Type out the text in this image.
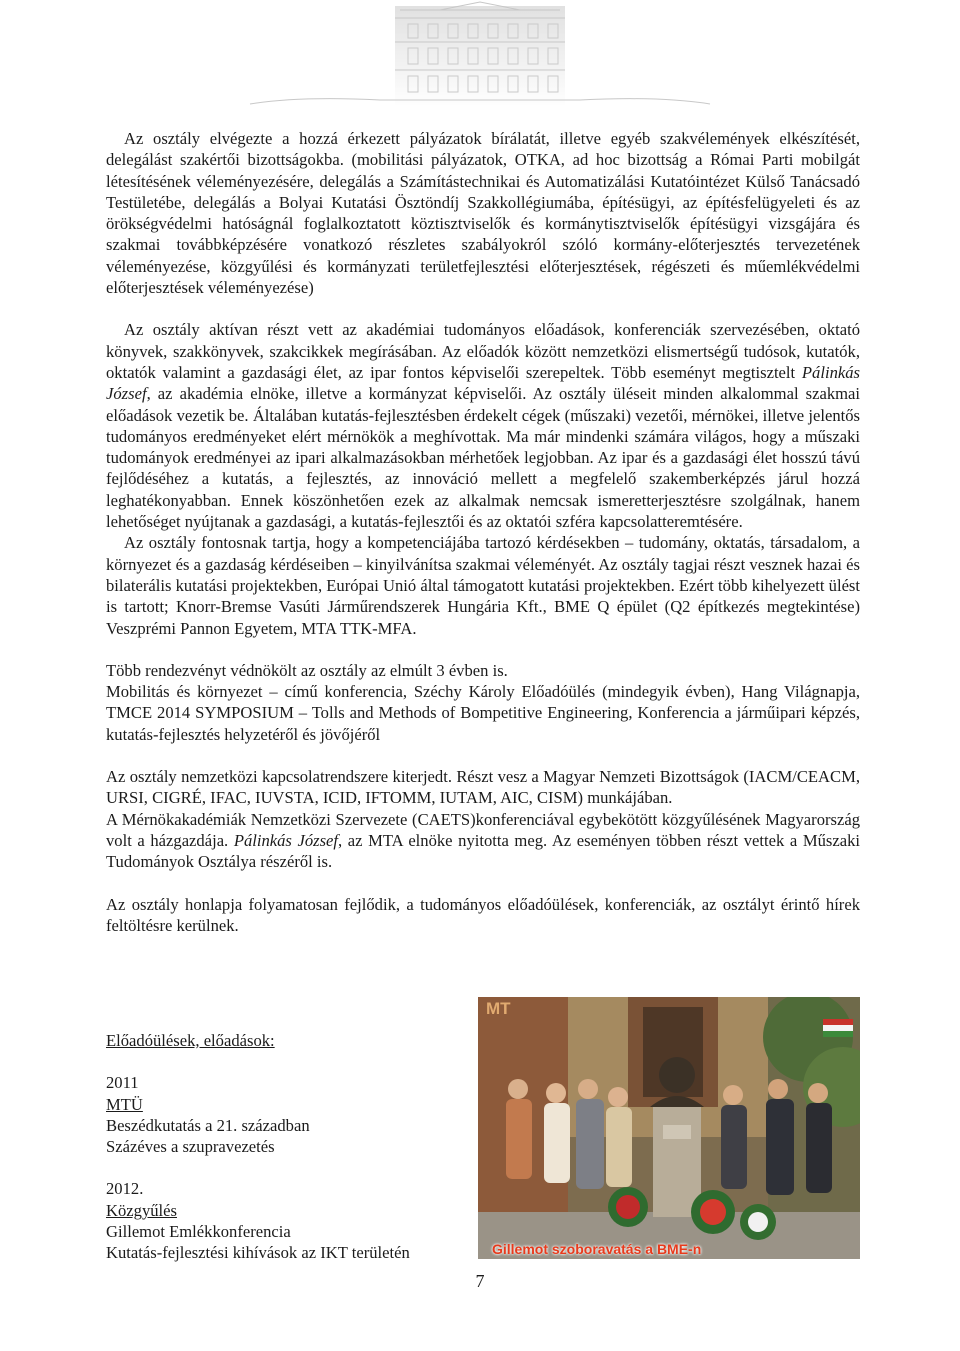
Az osztály elvégezte a hozzá érkezett pályázatok bírálatát, illetve egyéb szakvélemények elkészítését, delegálást szakértői bizottságokba. (mobilitási pályázatok, OTKA, ad hoc bizottság a Római Parti mobilgát létesítésének véleményezésére, delegálás a Számítástechnikai és Automatizálási Kutatóintézet Külső Tanácsadó Testületébe, delegálás a Bolyai Kutatási Ösztöndíj Szakkollégiumába, építésügyi, az építésfelügyeleti és az örökségvédelmi hatóságnál foglalkoztatott köztisztviselők és kormánytisztviselők építésügyi vizsgájára és szakmai továbbképzésére vonatkozó részletes szabályokról szóló kormány-előterjesztés tervezetének véleményezése, közgyűlési és kormányzati területfejlesztési előterjesztések, régészeti és műemlékvédelmi előterjesztések véleményezése)

Az osztály aktívan részt vett az akadémiai tudományos előadások, konferenciák szervezésében, oktató könyvek, szakkönyvek, szakcikkek megírásában. Az előadók között nemzetközi elismertségű tudósok, kutatók, oktatók valamint a gazdasági élet, az ipar fontos képviselői szerepeltek. Több eseményt megtisztelt Pálinkás József, az akadémia elnöke, illetve a kormányzat képviselői. Az osztály üléseit minden alkalommal szakmai előadások vezetik be. Általában kutatás-fejlesztésben érdekelt cégek (műszaki) vezetői, mérnökei, illetve jelentős tudományos eredményeket elért mérnökök a meghívottak. Ma már mindenki számára világos, hogy a műszaki tudományok eredményei az ipari alkalmazásokban mérhetőek legjobban. Az ipar és a gazdasági élet hosszú távú fejlődéséhez a kutatás, a fejlesztés, az innováció mellett a megfelelő szakemberképzés járul hozzá leghatékonyabban. Ennek köszönhetően ezek az alkalmak nemcsak ismeretterjesztésre szolgálnak, hanem lehetőséget nyújtanak a gazdasági, a kutatás-fejlesztői és az oktatói szféra kapcsolatteremtésére.

Az osztály fontosnak tartja, hogy a kompetenciájába tartozó kérdésekben – tudomány, oktatás, társadalom, a környezet és a gazdaság kérdéseiben – kinyilvánítsa szakmai véleményét. Az osztály tagjai részt vesznek hazai és bilaterális kutatási projektekben, Európai Unió által támogatott kutatási projektekben. Ezért több kihelyezett ülést is tartott; Knorr-Bremse Vasúti Járműrendszerek Hungária Kft., BME Q épület (Q2 építkezés megtekintése) Veszprémi Pannon Egyetem, MTA TTK-MFA.

Több rendezvényt védnökölt az osztály az elmúlt 3 évben is.

Mobilitás és környezet – című konferencia, Széchy Károly Előadóülés (mindegyik évben), Hang Világnapja, TMCE 2014 SYMPOSIUM – Tolls and Methods of Bompetitive Engineering, Konferencia a járműipari képzés, kutatás-fejlesztés helyzetéről és jövőjéről

Az osztály nemzetközi kapcsolatrendszere kiterjedt. Részt vesz a Magyar Nemzeti Bizottságok (IACM/CEACM, URSI, CIGRÉ, IFAC, IUVSTA, ICID, IFTOMM, IUTAM, AIC, CISM) munkájában.

A Mérnökakadémiák Nemzetközi Szervezete (CAETS)konferenciával egybekötött közgyűlésének Magyarország volt a házgazdája. Pálinkás József, az MTA elnöke nyitotta meg. Az eseményen többen részt vettek a Műszaki Tudományok Osztálya részéről is.

Az osztály honlapja folyamatosan fejlődik, a tudományos előadóülések, konferenciák, az osztályt érintő hírek feltöltésre kerülnek.

Előadóülések, előadások:
2011
MTÜ
Beszédkutatás a 21. században
Százéves a szupravezetés
2012.
Közgyűlés
Gillemot Emlékkonferencia
Kutatás-fejlesztési kihívások az IKT területén
MT
Gillemot szoboravatás a BME-n
7
